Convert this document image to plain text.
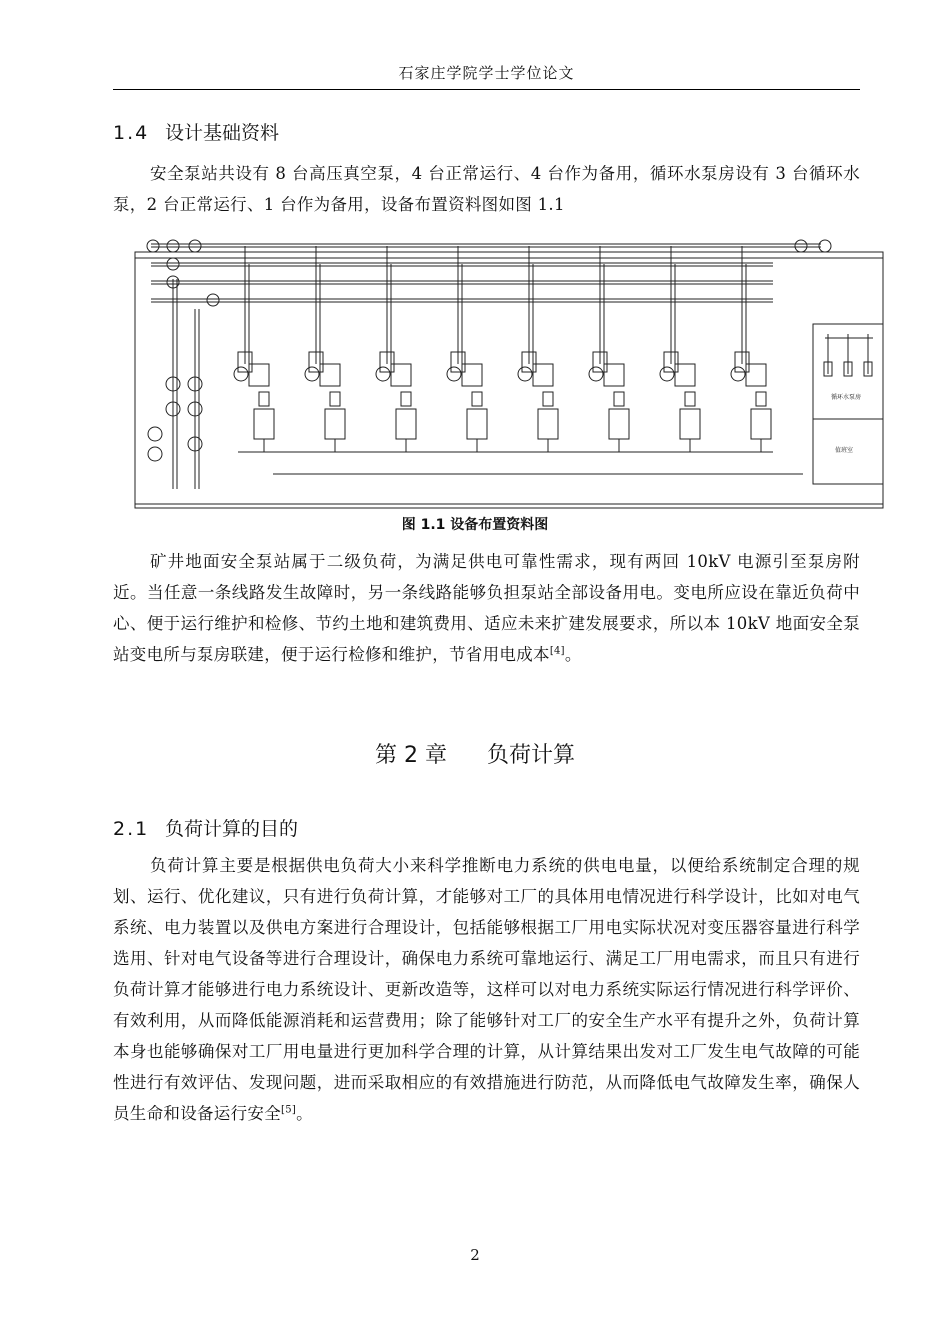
石家庄学院学士学位论文
1.4 设计基础资料
安全泵站共设有 8 台高压真空泵，4 台正常运行、4 台作为备用，循环水泵房设有 3 台循环水泵，2 台正常运行、1 台作为备用，设备布置资料图如图 1.1
循环水泵房
值班室
图 1.1 设备布置资料图
矿井地面安全泵站属于二级负荷，为满足供电可靠性需求，现有两回 10kV 电源引至泵房附近。当任意一条线路发生故障时，另一条线路能够负担泵站全部设备用电。变电所应设在靠近负荷中心、便于运行维护和检修、节约土地和建筑费用、适应未来扩建发展要求，所以本 10kV 地面安全泵站变电所与泵房联建，便于运行检修和维护，节省用电成本[4]。
第 2 章 负荷计算
2.1 负荷计算的目的
负荷计算主要是根据供电负荷大小来科学推断电力系统的供电电量，以便给系统制定合理的规划、运行、优化建议，只有进行负荷计算，才能够对工厂的具体用电情况进行科学设计，比如对电气系统、电力装置以及供电方案进行合理设计，包括能够根据工厂用电实际状况对变压器容量进行科学选用、针对电气设备等进行合理设计，确保电力系统可靠地运行、满足工厂用电需求，而且只有进行负荷计算才能够进行电力系统设计、更新改造等，这样可以对电力系统实际运行情况进行科学评价、有效利用，从而降低能源消耗和运营费用；除了能够针对工厂的安全生产水平有提升之外，负荷计算本身也能够确保对工厂用电量进行更加科学合理的计算，从计算结果出发对工厂发生电气故障的可能性进行有效评估、发现问题，进而采取相应的有效措施进行防范，从而降低电气故障发生率，确保人员生命和设备运行安全[5]。
2
